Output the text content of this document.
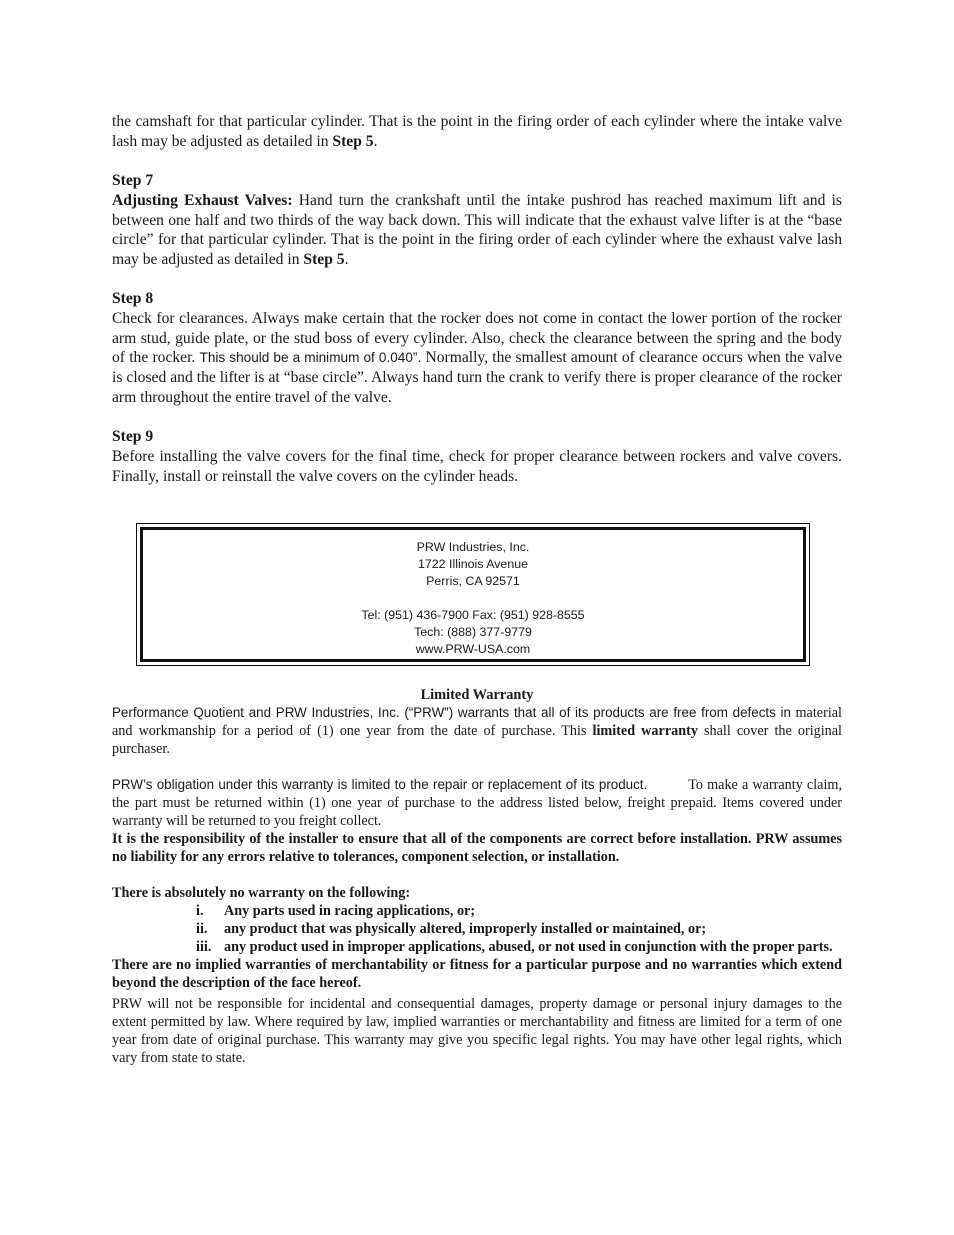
the camshaft for that particular cylinder. That is the point in the firing order of each cylinder where the intake valve lash may be adjusted as detailed in Step 5.

Step 7

Adjusting Exhaust Valves: Hand turn the crankshaft until the intake pushrod has reached maximum lift and is between one half and two thirds of the way back down. This will indicate that the exhaust valve lifter is at the “base circle” for that particular cylinder. That is the point in the firing order of each cylinder where the exhaust valve lash may be adjusted as detailed in Step 5.

Step 8

Check for clearances. Always make certain that the rocker does not come in contact the lower portion of the rocker arm stud, guide plate, or the stud boss of every cylinder. Also, check the clearance between the spring and the body of the rocker. This should be a minimum of 0.040”. Normally, the smallest amount of clearance occurs when the valve is closed and the lifter is at “base circle”. Always hand turn the crank to verify there is proper clearance of the rocker arm throughout the entire travel of the valve.

Step 9

Before installing the valve covers for the final time, check for proper clearance between rockers and valve covers. Finally, install or reinstall the valve covers on the cylinder heads.

PRW Industries, Inc.
1722 Illinois Avenue
Perris, CA 92571
Tel: (951) 436-7900 Fax: (951) 928-8555
Tech: (888) 377-9779
www.PRW-USA.com
Limited Warranty

Performance Quotient and PRW Industries, Inc. (“PRW”) warrants that all of its products are free from defects in material and workmanship for a period of (1) one year from the date of purchase. This limited warranty shall cover the original purchaser.

PRW’s obligation under this warranty is limited to the repair or replacement of its product.          To make a warranty claim, the part must be returned within (1) one year of purchase to the address listed below, freight prepaid. Items covered under warranty will be returned to you freight collect.

It is the responsibility of the installer to ensure that all of the components are correct before installation. PRW assumes no liability for any errors relative to tolerances, component selection, or installation.

There is absolutely no warranty on the following:

i.	Any parts used in racing applications, or;
ii.	any product that was physically altered, improperly installed or maintained, or;
iii. any product used in improper applications, abused, or not used in conjunction with the proper parts.

There are no implied warranties of merchantability or fitness for a particular purpose and no warranties which extend beyond the description of the face hereof.

PRW will not be responsible for incidental and consequential damages, property damage or personal injury damages to the extent permitted by law. Where required by law, implied warranties or merchantability and fitness are limited for a term of one year from date of original purchase. This warranty may give you specific legal rights. You may have other legal rights, which vary from state to state.
